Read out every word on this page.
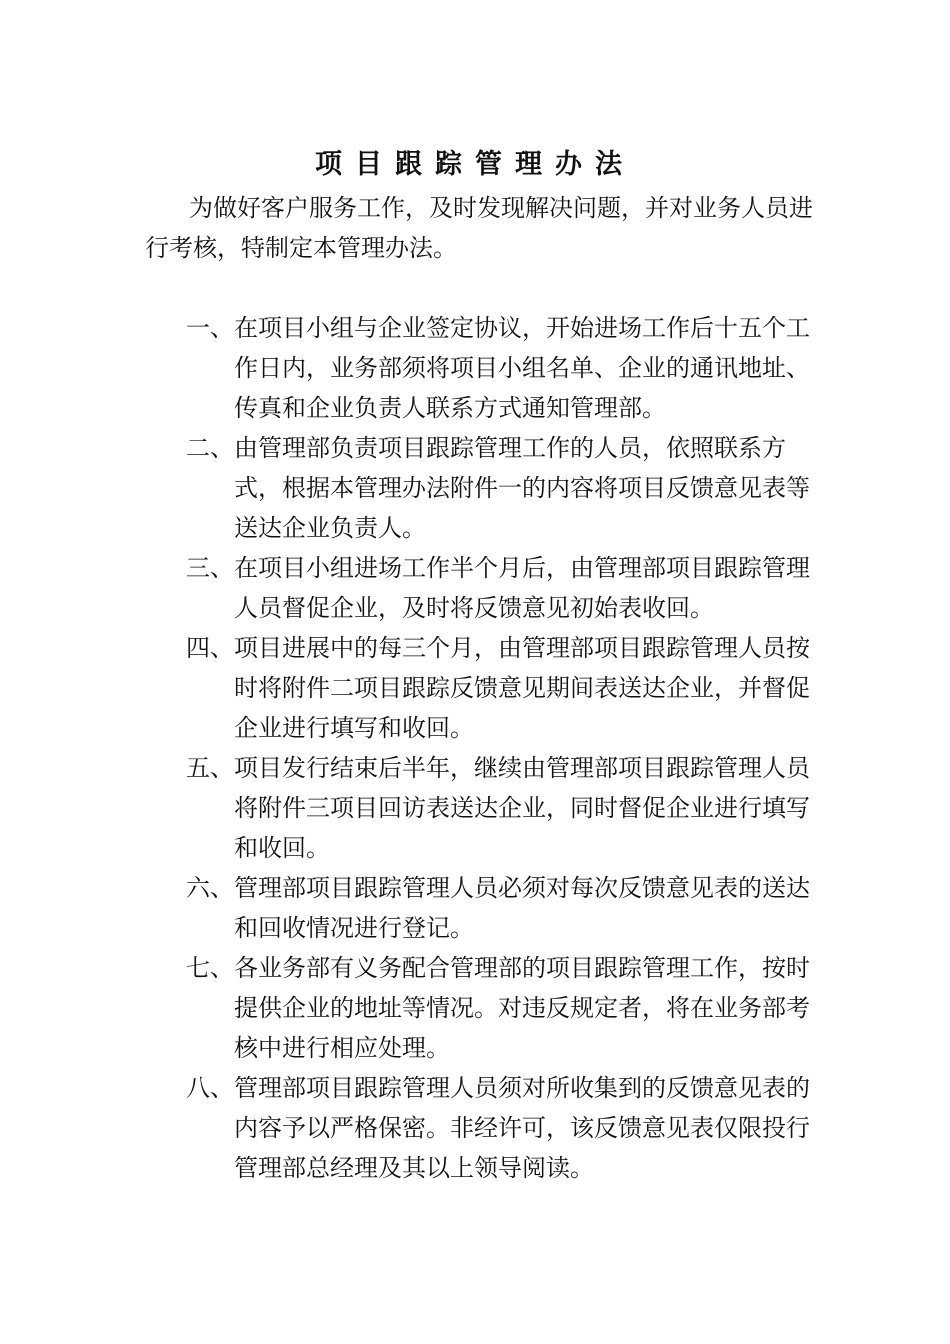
项目跟踪管理办法
为做好客户服务工作，及时发现解决问题，并对业务人员进行考核，特制定本管理办法。
一、 在项目小组与企业签定协议，开始进场工作后十五个工作日内，业务部须将项目小组名单、企业的通讯地址、传真和企业负责人联系方式通知管理部。
二、 由管理部负责项目跟踪管理工作的人员，依照联系方式，根据本管理办法附件一的内容将项目反馈意见表等送达企业负责人。
三、 在项目小组进场工作半个月后，由管理部项目跟踪管理人员督促企业，及时将反馈意见初始表收回。
四、 项目进展中的每三个月，由管理部项目跟踪管理人员按时将附件二项目跟踪反馈意见期间表送达企业，并督促企业进行填写和收回。
五、 项目发行结束后半年，继续由管理部项目跟踪管理人员将附件三项目回访表送达企业，同时督促企业进行填写和收回。
六、 管理部项目跟踪管理人员必须对每次反馈意见表的送达和回收情况进行登记。
七、 各业务部有义务配合管理部的项目跟踪管理工作，按时提供企业的地址等情况。对违反规定者，将在业务部考核中进行相应处理。
八、 管理部项目跟踪管理人员须对所收集到的反馈意见表的内容予以严格保密。非经许可，该反馈意见表仅限投行管理部总经理及其以上领导阅读。
